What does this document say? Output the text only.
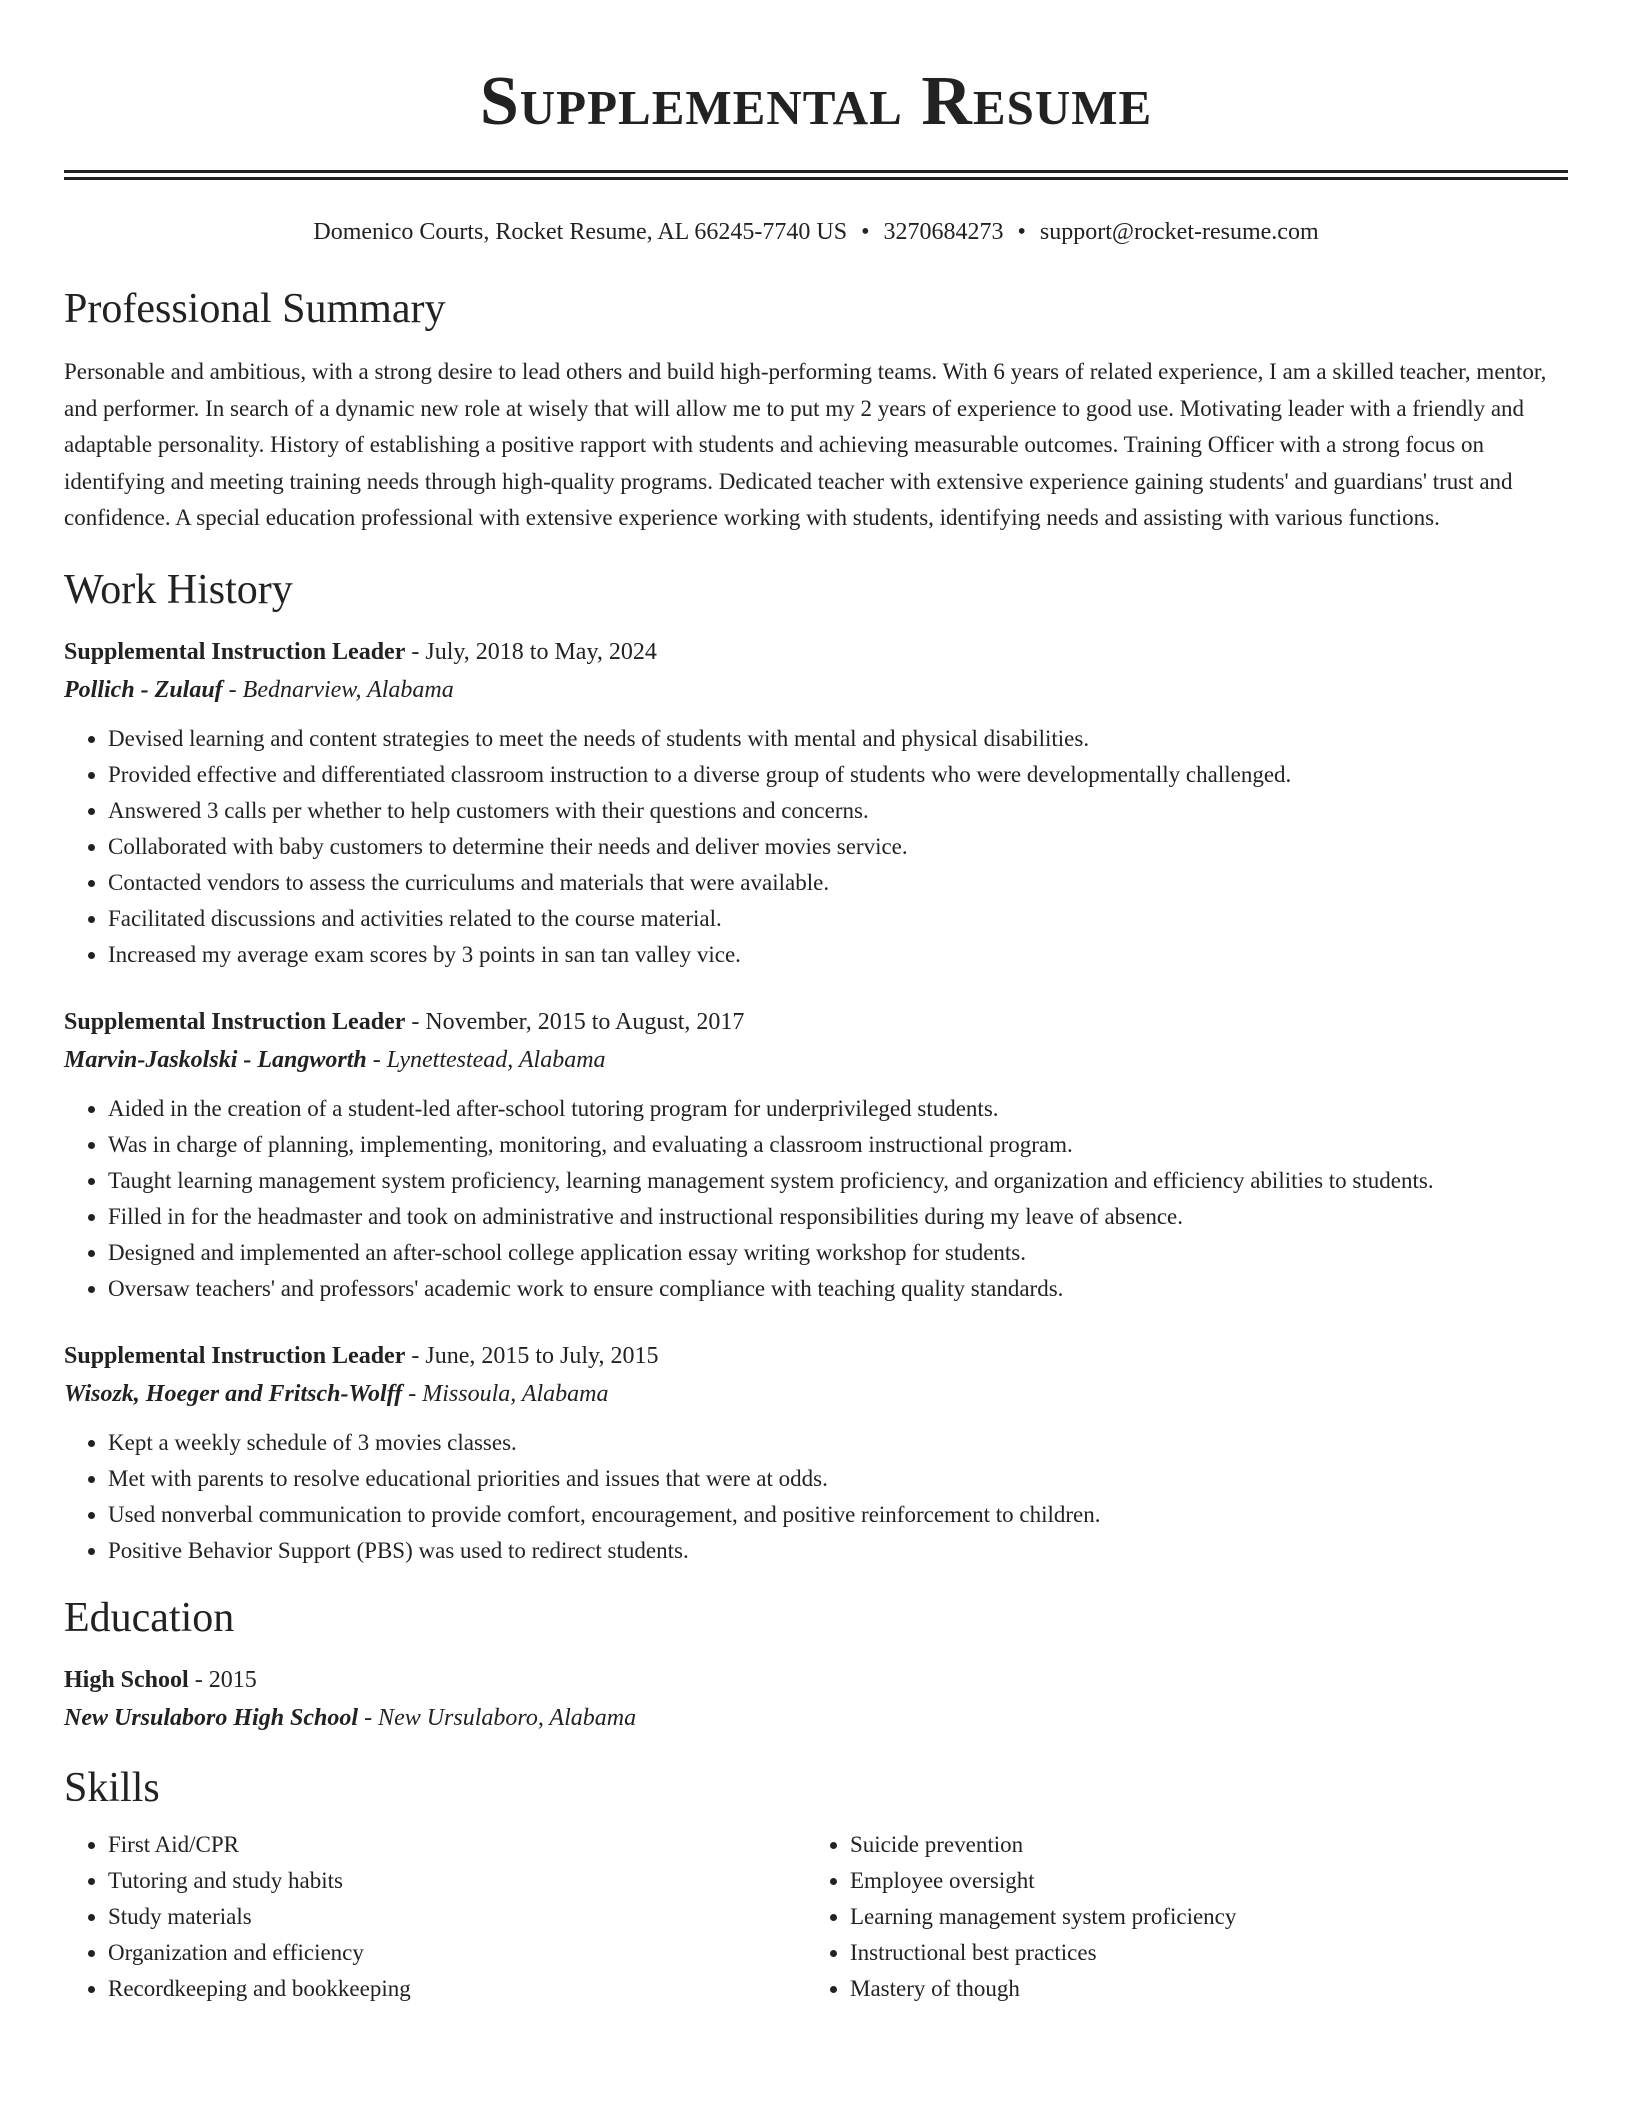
Supplemental Resume
Domenico Courts, Rocket Resume, AL 66245-7740 US • 3270684273 • support@rocket-resume.com
Professional Summary
Personable and ambitious, with a strong desire to lead others and build high-performing teams. With 6 years of related experience, I am a skilled teacher, mentor, and performer. In search of a dynamic new role at wisely that will allow me to put my 2 years of experience to good use. Motivating leader with a friendly and adaptable personality. History of establishing a positive rapport with students and achieving measurable outcomes. Training Officer with a strong focus on identifying and meeting training needs through high-quality programs. Dedicated teacher with extensive experience gaining students' and guardians' trust and confidence. A special education professional with extensive experience working with students, identifying needs and assisting with various functions.
Work History
Supplemental Instruction Leader - July, 2018 to May, 2024
Pollich - Zulauf - Bednarview, Alabama
• Devised learning and content strategies to meet the needs of students with mental and physical disabilities.
• Provided effective and differentiated classroom instruction to a diverse group of students who were developmentally challenged.
• Answered 3 calls per whether to help customers with their questions and concerns.
• Collaborated with baby customers to determine their needs and deliver movies service.
• Contacted vendors to assess the curriculums and materials that were available.
• Facilitated discussions and activities related to the course material.
• Increased my average exam scores by 3 points in san tan valley vice.
Supplemental Instruction Leader - November, 2015 to August, 2017
Marvin-Jaskolski - Langworth - Lynettestead, Alabama
• Aided in the creation of a student-led after-school tutoring program for underprivileged students.
• Was in charge of planning, implementing, monitoring, and evaluating a classroom instructional program.
• Taught learning management system proficiency, learning management system proficiency, and organization and efficiency abilities to students.
• Filled in for the headmaster and took on administrative and instructional responsibilities during my leave of absence.
• Designed and implemented an after-school college application essay writing workshop for students.
• Oversaw teachers' and professors' academic work to ensure compliance with teaching quality standards.
Supplemental Instruction Leader - June, 2015 to July, 2015
Wisozk, Hoeger and Fritsch-Wolff - Missoula, Alabama
• Kept a weekly schedule of 3 movies classes.
• Met with parents to resolve educational priorities and issues that were at odds.
• Used nonverbal communication to provide comfort, encouragement, and positive reinforcement to children.
• Positive Behavior Support (PBS) was used to redirect students.
Education
High School - 2015
New Ursulaboro High School - New Ursulaboro, Alabama
Skills
• First Aid/CPR
• Tutoring and study habits
• Study materials
• Organization and efficiency
• Recordkeeping and bookkeeping
• Suicide prevention
• Employee oversight
• Learning management system proficiency
• Instructional best practices
• Mastery of though
